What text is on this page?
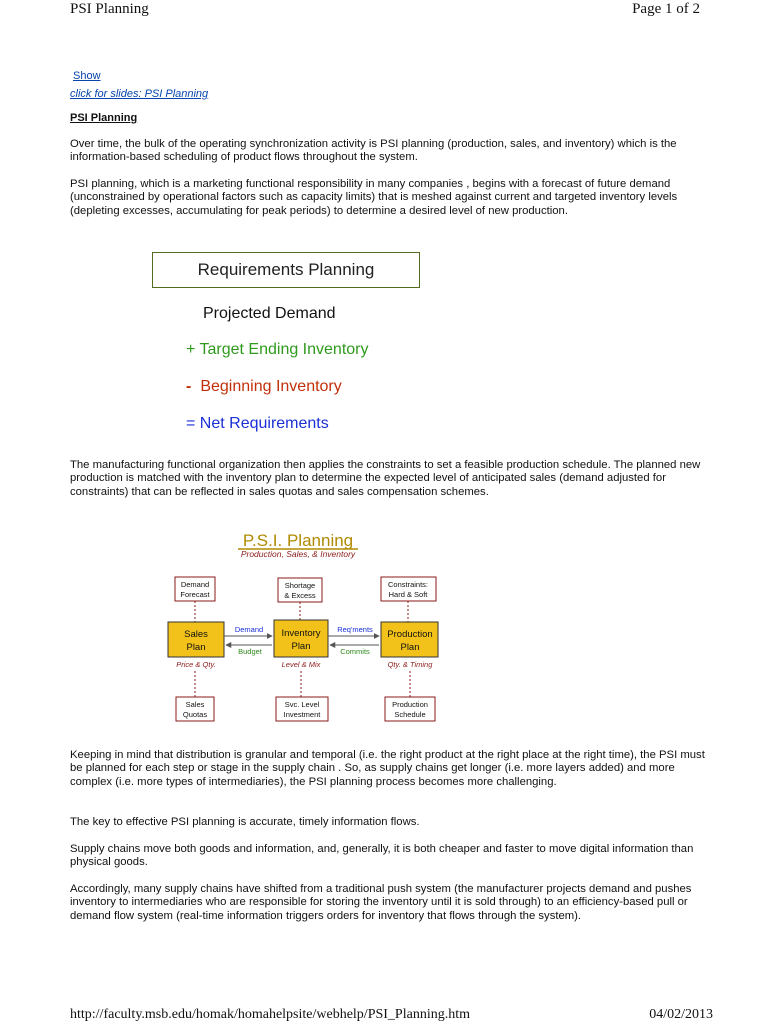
PSI Planning	Page 1 of 2
Show
click for slides: PSI Planning
PSI Planning

Over time, the bulk of the operating synchronization activity is PSI planning (production, sales, and inventory) which is the information-based scheduling of product flows throughout the system.

PSI planning, which is a marketing functional responsibility in many companies , begins with a forecast of future demand (unconstrained by operational factors such as capacity limits) that is meshed against current and targeted inventory levels (depleting excesses, accumulating for peak periods) to determine a desired level of new production.

Requirements Planning
Projected Demand
+ Target Ending Inventory
- Beginning Inventory
= Net Requirements

The manufacturing functional organization then applies the constraints to set a feasible production schedule. The planned new production is matched with the inventory plan to determine the expected level of anticipated sales (demand adjusted for constraints) that can be reflected in sales quotas and sales compensation schemes.

P.S.I. Planning
Production, Sales, & Inventory
Demand
Forecast
Shortage
& Excess
Constraints:
Hard & Soft
Sales
Plan
Inventory
Plan
Production
Plan
Demand
Budget
Req'ments
Commits
Price & Qty.	Level & Mix	Qty. & Timing
Sales
Quotas
Svc. Level
Investment
Production
Schedule

Keeping in mind that distribution is granular and temporal (i.e. the right product at the right place at the right time), the PSI must be planned for each step or stage in the supply chain . So, as supply chains get longer (i.e. more layers added) and more complex (i.e. more types of intermediaries), the PSI planning process becomes more challenging.

The key to effective PSI planning is accurate, timely information flows.

Supply chains move both goods and information, and, generally, it is both cheaper and faster to move digital information than physical goods.

Accordingly, many supply chains have shifted from a traditional push system (the manufacturer projects demand and pushes inventory to intermediaries who are responsible for storing the inventory until it is sold through) to an efficiency-based pull or demand flow system (real-time information triggers orders for inventory that flows through the system).

http://faculty.msb.edu/homak/homahelpsite/webhelp/PSI_Planning.htm	04/02/2013
